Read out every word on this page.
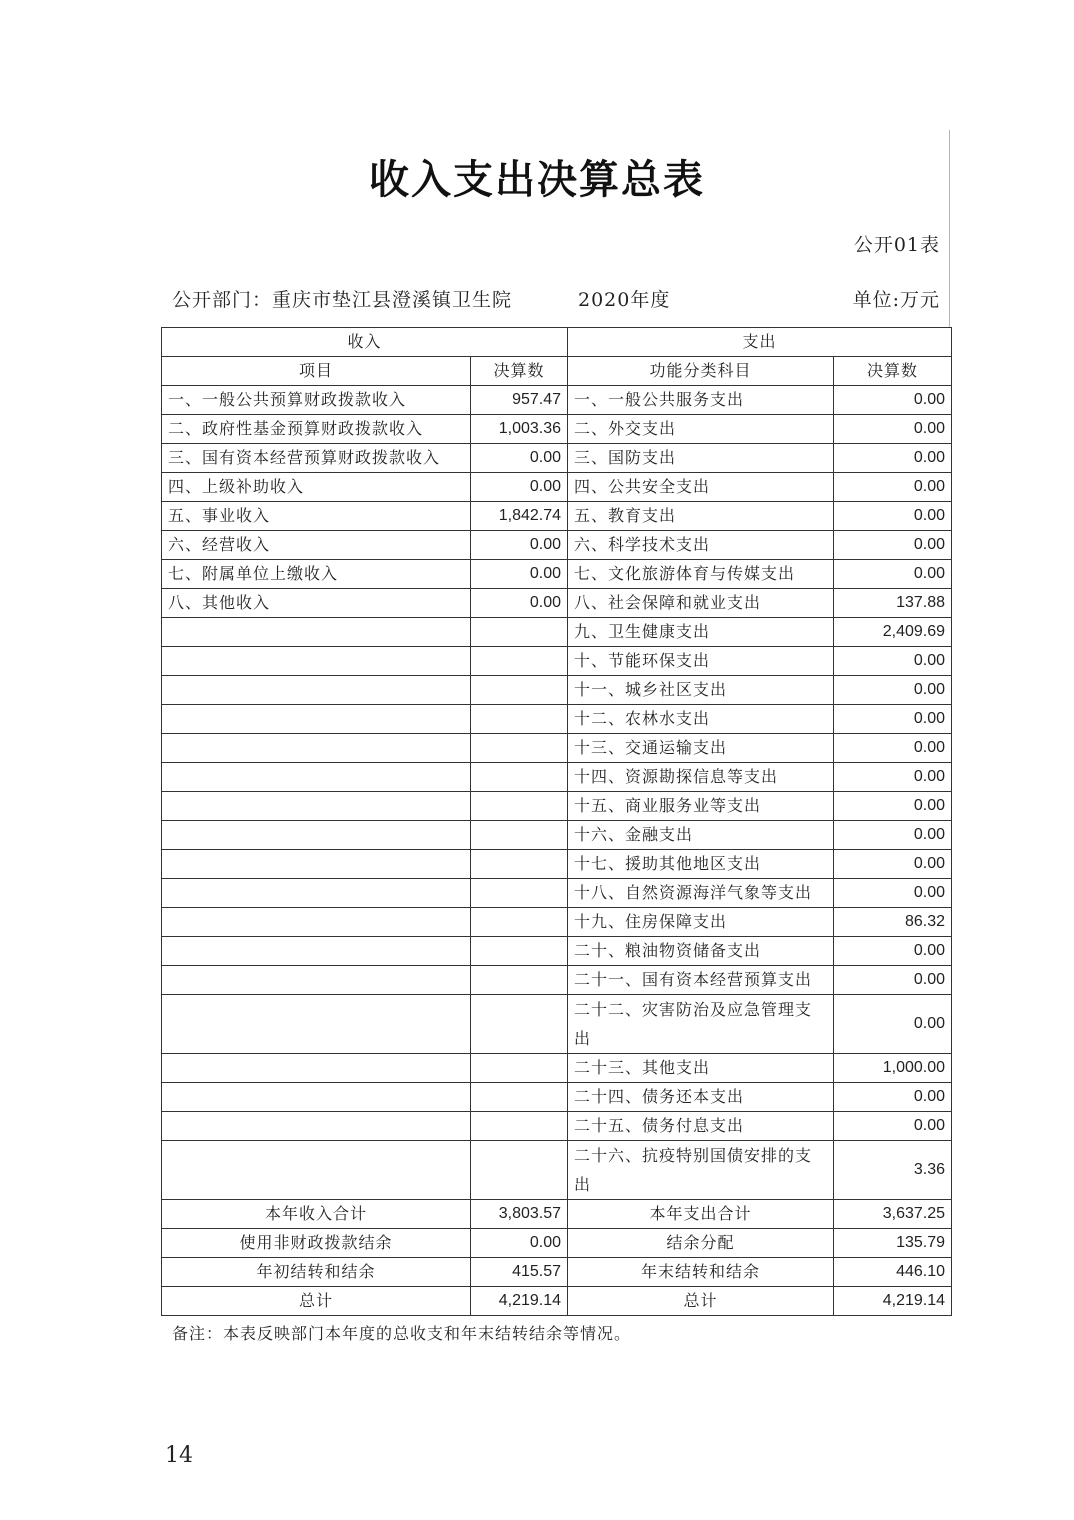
收入支出决算总表
公开01表
公开部门：重庆市垫江县澄溪镇卫生院	2020年度	单位:万元
收入		支出	
项目	决算数	功能分类科目	决算数
一、一般公共预算财政拨款收入	957.47	一、一般公共服务支出	0.00
二、政府性基金预算财政拨款收入	1,003.36	二、外交支出	0.00
三、国有资本经营预算财政拨款收入	0.00	三、国防支出	0.00
四、上级补助收入	0.00	四、公共安全支出	0.00
五、事业收入	1,842.74	五、教育支出	0.00
六、经营收入	0.00	六、科学技术支出	0.00
七、附属单位上缴收入	0.00	七、文化旅游体育与传媒支出	0.00
八、其他收入	0.00	八、社会保障和就业支出	137.88
		九、卫生健康支出	2,409.69
		十、节能环保支出	0.00
		十一、城乡社区支出	0.00
		十二、农林水支出	0.00
		十三、交通运输支出	0.00
		十四、资源勘探信息等支出	0.00
		十五、商业服务业等支出	0.00
		十六、金融支出	0.00
		十七、援助其他地区支出	0.00
		十八、自然资源海洋气象等支出	0.00
		十九、住房保障支出	86.32
		二十、粮油物资储备支出	0.00
		二十一、国有资本经营预算支出	0.00
		二十二、灾害防治及应急管理支出	0.00
		二十三、其他支出	1,000.00
		二十四、债务还本支出	0.00
		二十五、债务付息支出	0.00
		二十六、抗疫特别国债安排的支出	3.36
本年收入合计	3,803.57	本年支出合计	3,637.25
使用非财政拨款结余	0.00	结余分配	135.79
年初结转和结余	415.57	年末结转和结余	446.10
总计	4,219.14	总计	4,219.14
备注：本表反映部门本年度的总收支和年末结转结余等情况。
14
